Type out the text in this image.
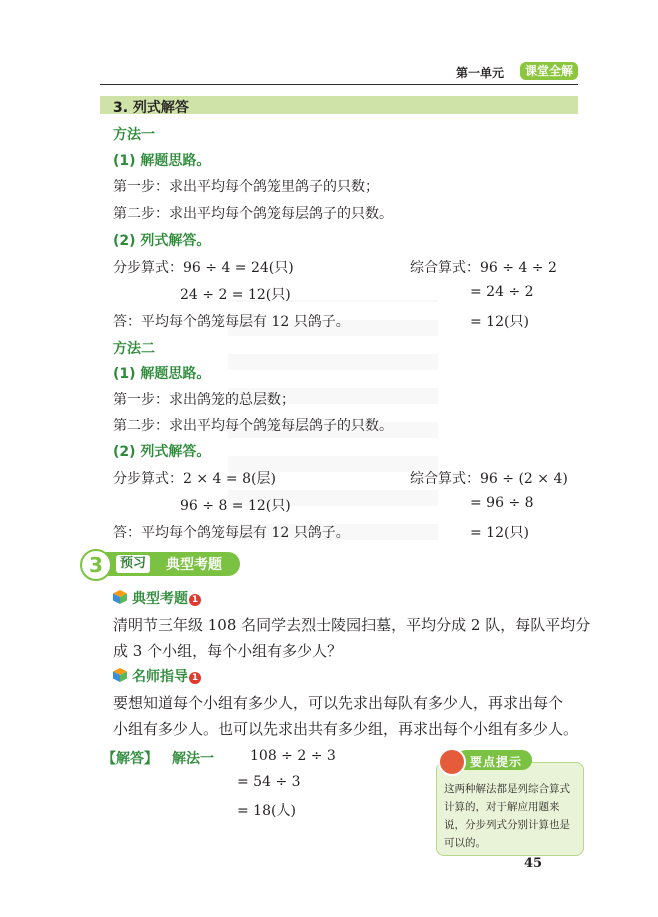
第一单元	课堂全解
3. 列式解答
方法一
(1) 解题思路。
第一步：求出平均每个鸽笼里鸽子的只数；
第二步：求出平均每个鸽笼每层鸽子的只数。
(2) 列式解答。
分步算式：96 ÷ 4 = 24(只)
24 ÷ 2 = 12(只)
答：平均每个鸽笼每层有 12 只鸽子。
综合算式：96 ÷ 4 ÷ 2
= 24 ÷ 2
= 12(只)
方法二
(1) 解题思路。
第一步：求出鸽笼的总层数；
第二步：求出平均每个鸽笼每层鸽子的只数。
(2) 列式解答。
分步算式：2 × 4 = 8(层)
96 ÷ 8 = 12(只)
答：平均每个鸽笼每层有 12 只鸽子。
综合算式：96 ÷ (2 × 4)
= 96 ÷ 8
= 12(只)
3	预习 典型考题
典型考题 1
清明节三年级 108 名同学去烈士陵园扫墓，平均分成 2 队，每队平均分
成 3 个小组，每个小组有多少人？
名师指导 1
要想知道每个小组有多少人，可以先求出每队有多少人，再求出每个
小组有多少人。也可以先求出共有多少组，再求出每个小组有多少人。
【解答】 解法一	108 ÷ 2 ÷ 3
= 54 ÷ 3
= 18(人)
要点提示
这两种解法都是列综合算式计算的，对于解应用题来说，分步列式分别计算也是可以的。
45
